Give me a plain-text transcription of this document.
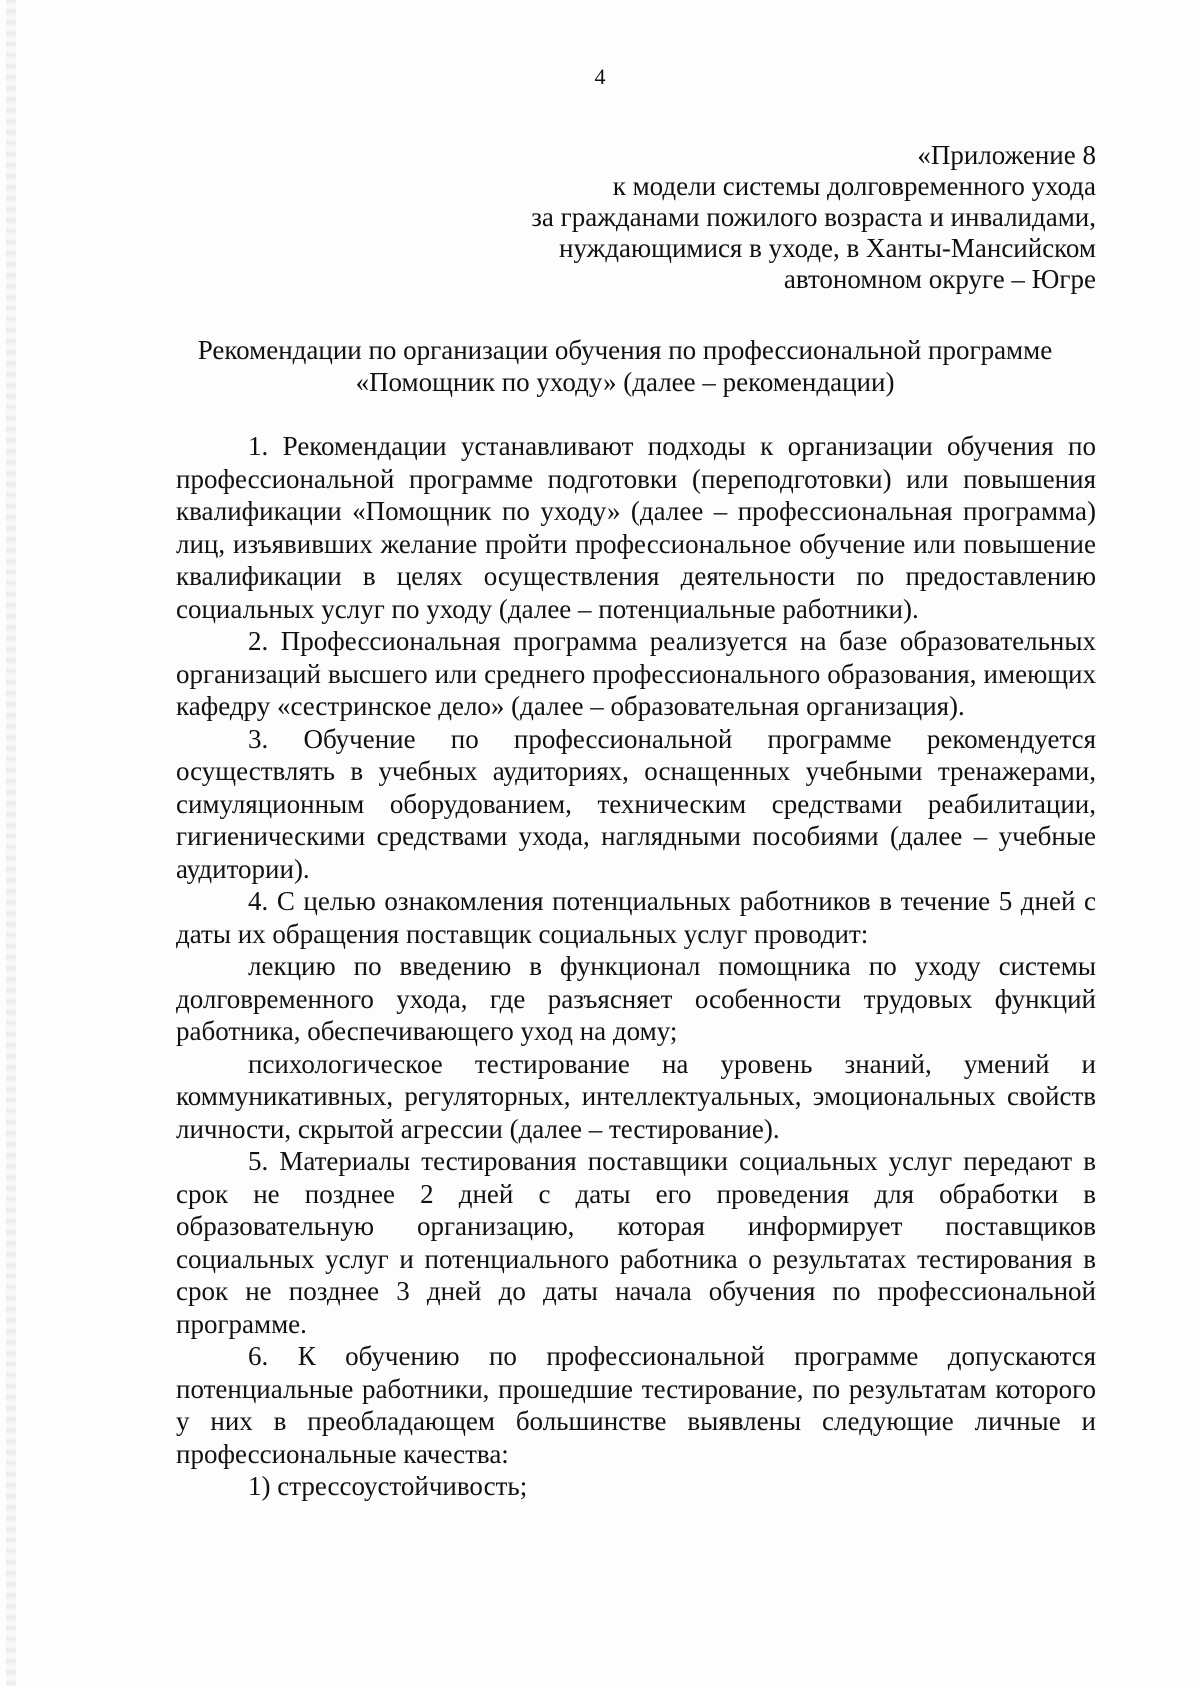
4
«Приложение 8
к модели системы долговременного ухода
за гражданами пожилого возраста и инвалидами,
нуждающимися в уходе, в Ханты-Мансийском
автономном округе – Югре
Рекомендации по организации обучения по профессиональной программе
«Помощник по уходу» (далее – рекомендации)

1. Рекомендации устанавливают подходы к организации обучения по профессиональной программе подготовки (переподготовки) или повышения квалификации «Помощник по уходу» (далее – профессиональная программа) лиц, изъявивших желание пройти профессиональное обучение или повышение квалификации в целях осуществления деятельности по предоставлению социальных услуг по уходу (далее – потенциальные работники).

2. Профессиональная программа реализуется на базе образовательных организаций высшего или среднего профессионального образования, имеющих кафедру «сестринское дело» (далее – образовательная организация).

3. Обучение по профессиональной программе рекомендуется осуществлять в учебных аудиториях, оснащенных учебными тренажерами, симуляционным оборудованием, техническим средствами реабилитации, гигиеническими средствами ухода, наглядными пособиями (далее – учебные аудитории).

4. С целью ознакомления потенциальных работников в течение 5 дней с даты их обращения поставщик социальных услуг проводит:

лекцию по введению в функционал помощника по уходу системы долговременного ухода, где разъясняет особенности трудовых функций работника, обеспечивающего уход на дому;

психологическое тестирование на уровень знаний, умений и коммуникативных, регуляторных, интеллектуальных, эмоциональных свойств личности, скрытой агрессии (далее – тестирование).

5. Материалы тестирования поставщики социальных услуг передают в срок не позднее 2 дней с даты его проведения для обработки в образовательную организацию, которая информирует поставщиков социальных услуг и потенциального работника о результатах тестирования в срок не позднее 3 дней до даты начала обучения по профессиональной программе.

6. К обучению по профессиональной программе допускаются потенциальные работники, прошедшие тестирование, по результатам которого у них в преобладающем большинстве выявлены следующие личные и профессиональные качества:

1) стрессоустойчивость;
